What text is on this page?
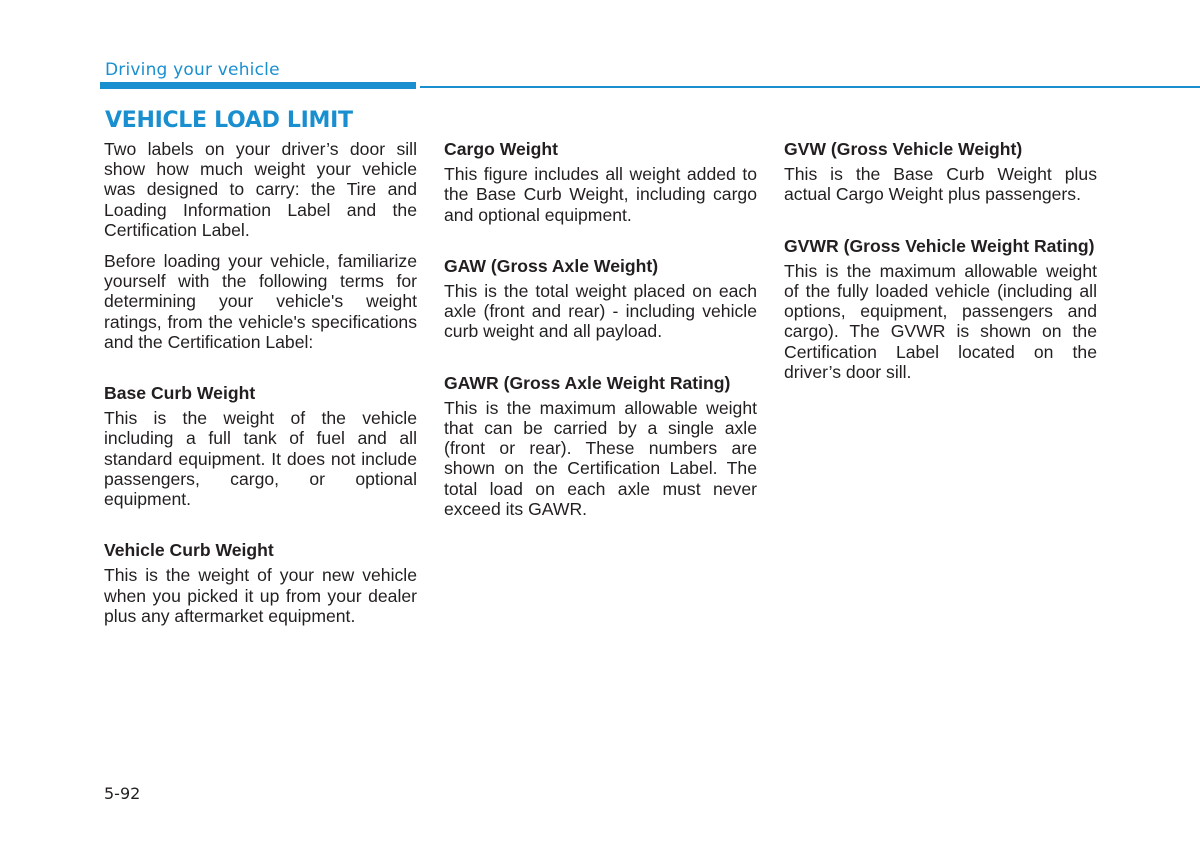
Driving your vehicle
VEHICLE LOAD LIMIT

Two labels on your driver’s door sill show how much weight your vehicle was designed to carry: the Tire and Loading Information Label and the Certification Label.

Before loading your vehicle, familiarize yourself with the following terms for determining your vehicle's weight ratings, from the vehicle's specifications and the Certification Label:

Base Curb Weight

This is the weight of the vehicle including a full tank of fuel and all standard equipment. It does not include passengers, cargo, or optional equipment.

Vehicle Curb Weight

This is the weight of your new vehicle when you picked it up from your dealer plus any aftermarket equipment.

Cargo Weight

This figure includes all weight added to the Base Curb Weight, including cargo and optional equipment.

GAW (Gross Axle Weight)

This is the total weight placed on each axle (front and rear) - including vehicle curb weight and all payload.

GAWR (Gross Axle Weight Rating)

This is the maximum allowable weight that can be carried by a single axle (front or rear). These numbers are shown on the Certification Label. The total load on each axle must never exceed its GAWR.

GVW (Gross Vehicle Weight)

This is the Base Curb Weight plus actual Cargo Weight plus passengers.

GVWR (Gross Vehicle Weight Rating)

This is the maximum allowable weight of the fully loaded vehicle (including all options, equipment, passengers and cargo). The GVWR is shown on the Certification Label located on the driver’s door sill.

5-92
